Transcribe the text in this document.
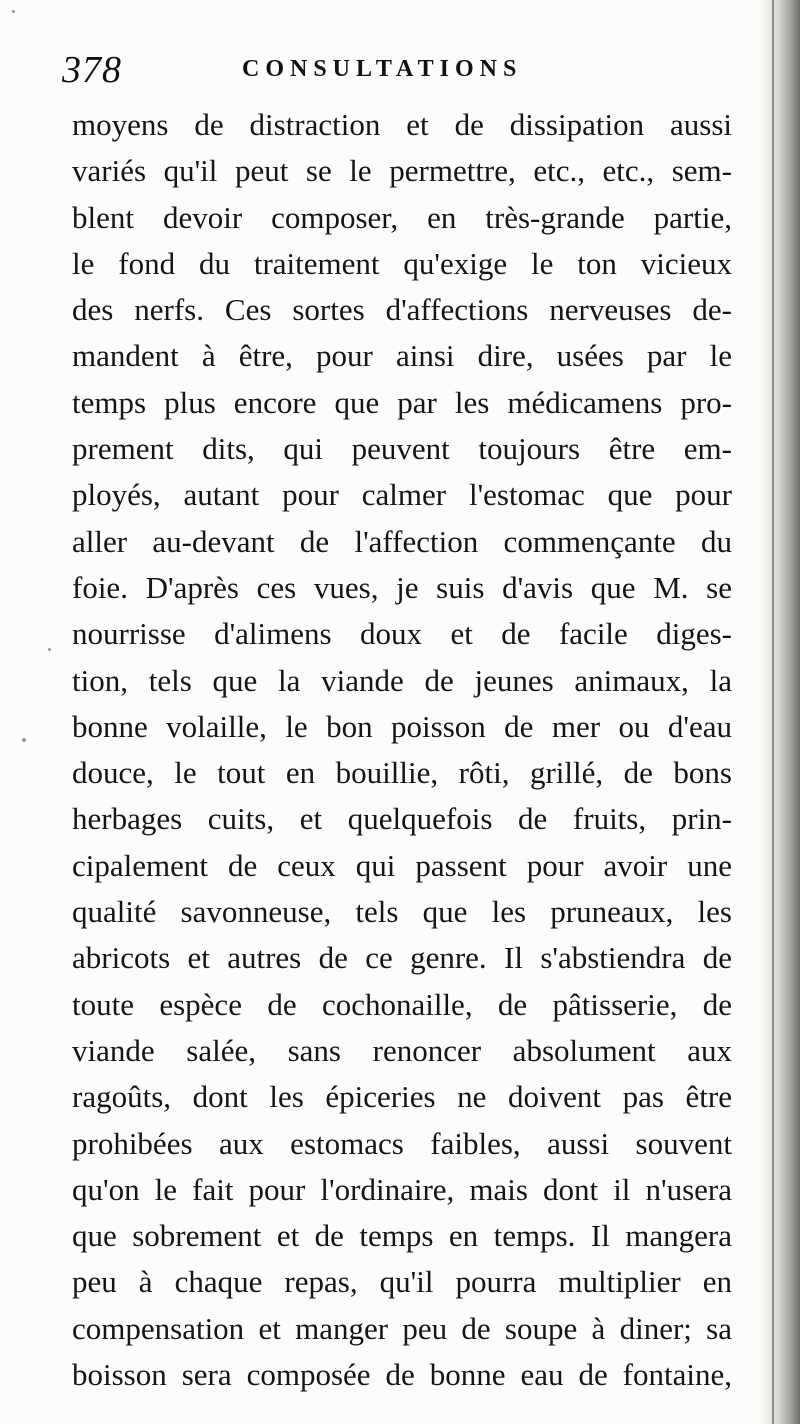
378	CONSULTATIONS
moyens de distraction et de dissipation aussi
variés qu'il peut se le permettre, etc., etc., sem-
blent devoir composer, en très-grande partie,
le fond du traitement qu'exige le ton vicieux
des nerfs. Ces sortes d'affections nerveuses de-
mandent à être, pour ainsi dire, usées par le
temps plus encore que par les médicamens pro-
prement dits, qui peuvent toujours être em-
ployés, autant pour calmer l'estomac que pour
aller au-devant de l'affection commençante du
foie. D'après ces vues, je suis d'avis que M. se
nourrisse d'alimens doux et de facile diges-
tion, tels que la viande de jeunes animaux, la
bonne volaille, le bon poisson de mer ou d'eau
douce, le tout en bouillie, rôti, grillé, de bons
herbages cuits, et quelquefois de fruits, prin-
cipalement de ceux qui passent pour avoir une
qualité savonneuse, tels que les pruneaux, les
abricots et autres de ce genre. Il s'abstiendra de
toute espèce de cochonaille, de pâtisserie, de
viande salée, sans renoncer absolument aux
ragoûts, dont les épiceries ne doivent pas être
prohibées aux estomacs faibles, aussi souvent
qu'on le fait pour l'ordinaire, mais dont il n'usera
que sobrement et de temps en temps. Il mangera
peu à chaque repas, qu'il pourra multiplier en
compensation et manger peu de soupe à diner; sa
boisson sera composée de bonne eau de fontaine,
